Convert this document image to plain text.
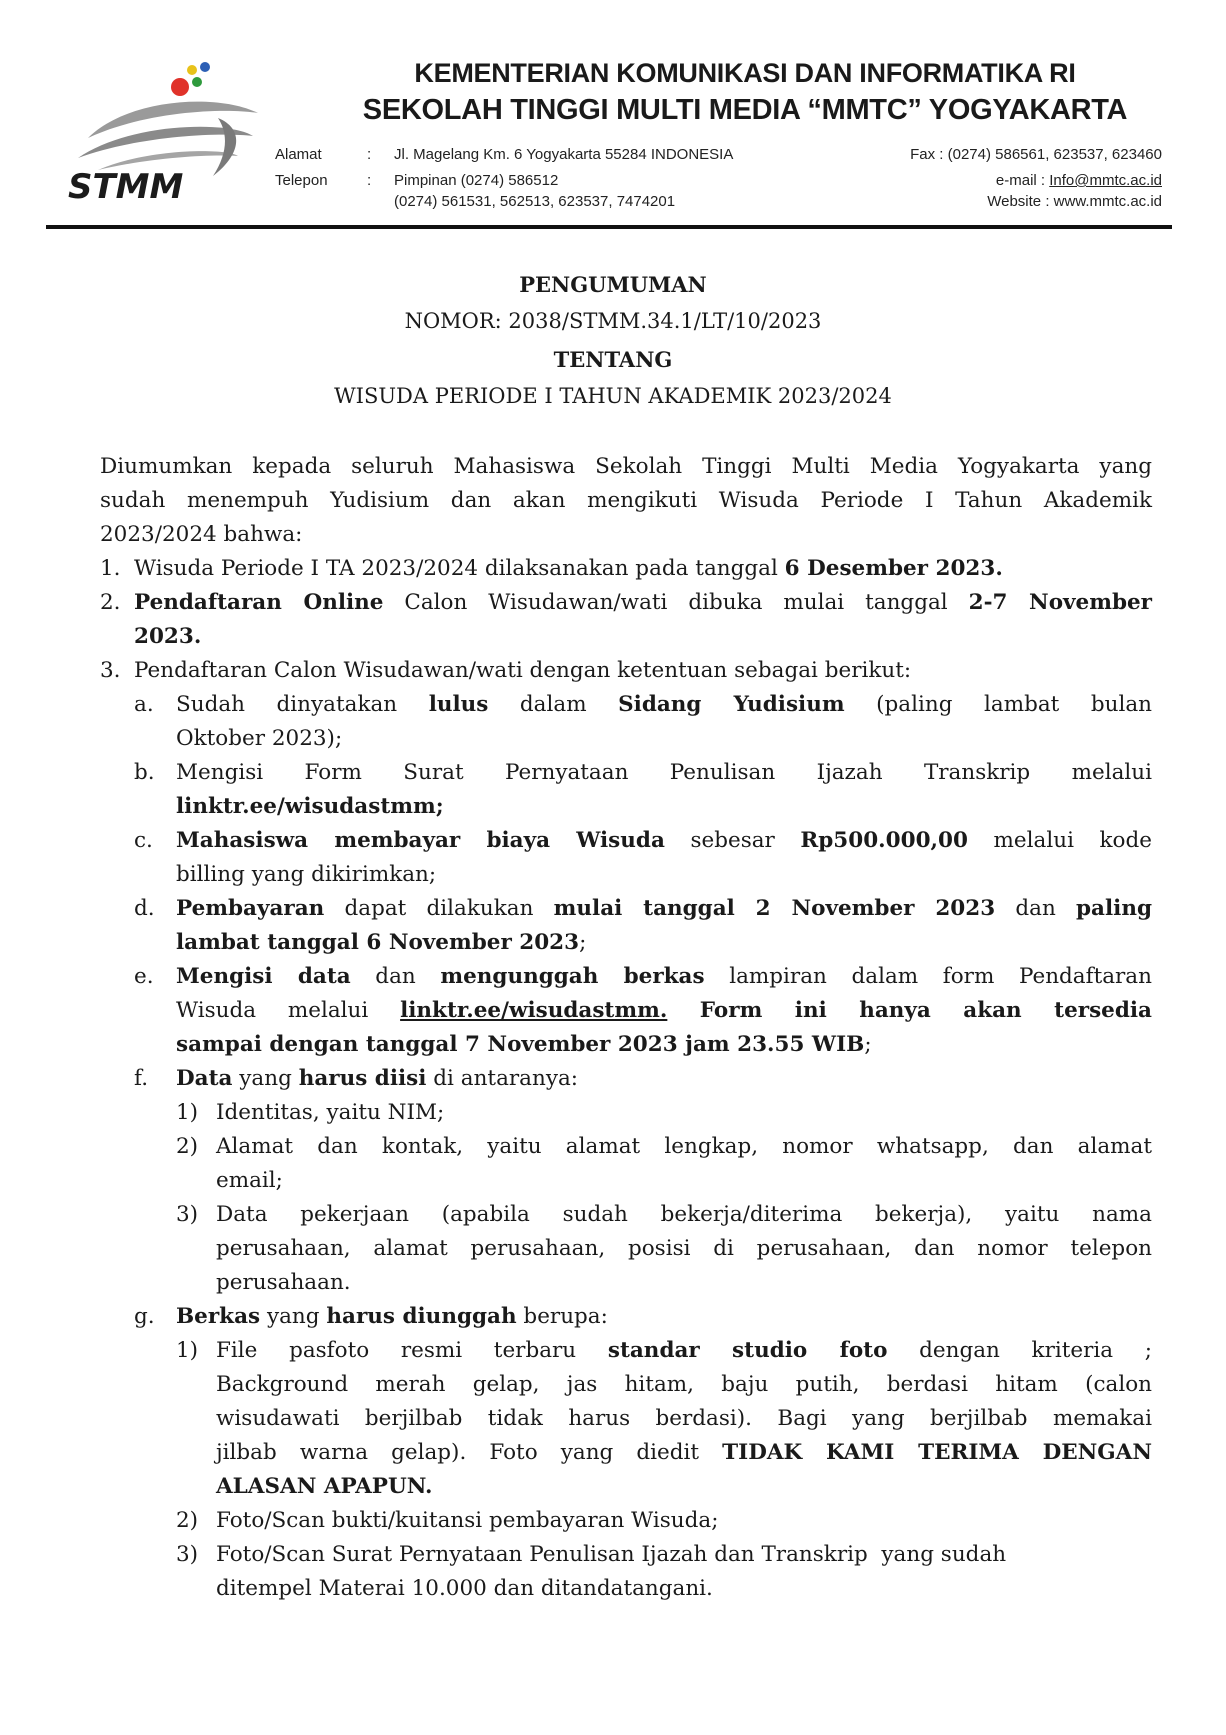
STMM
KEMENTERIAN KOMUNIKASI DAN INFORMATIKA RI
SEKOLAH TINGGI MULTI MEDIA “MMTC” YOGYAKARTA
Alamat	: Jl. Magelang Km. 6 Yogyakarta 55284 INDONESIA	Fax : (0274) 586561, 623537, 623460
Telepon	: Pimpinan (0274) 586512	e-mail : Info@mmtc.ac.id
(0274) 561531, 562513, 623537, 7474201	Website : www.mmtc.ac.id
PENGUMUMAN
NOMOR: 2038/STMM.34.1/LT/10/2023
TENTANG
WISUDA PERIODE I TAHUN AKADEMIK 2023/2024
Diumumkan kepada seluruh Mahasiswa Sekolah Tinggi Multi Media Yogyakarta yang
sudah menempuh Yudisium dan akan mengikuti Wisuda Periode I Tahun Akademik
2023/2024 bahwa:
1. Wisuda Periode I TA 2023/2024 dilaksanakan pada tanggal 6 Desember 2023.
2. Pendaftaran Online Calon Wisudawan/wati dibuka mulai tanggal 2-7 November
2023.
3. Pendaftaran Calon Wisudawan/wati dengan ketentuan sebagai berikut:
a. Sudah dinyatakan lulus dalam Sidang Yudisium (paling lambat bulan
Oktober 2023);
b. Mengisi Form Surat Pernyataan Penulisan Ijazah Transkrip melalui
linktr.ee/wisudastmm;
c. Mahasiswa membayar biaya Wisuda sebesar Rp500.000,00 melalui kode
billing yang dikirimkan;
d. Pembayaran dapat dilakukan mulai tanggal 2 November 2023 dan paling
lambat tanggal 6 November 2023;
e. Mengisi data dan mengunggah berkas lampiran dalam form Pendaftaran
Wisuda melalui linktr.ee/wisudastmm. Form ini hanya akan tersedia
sampai dengan tanggal 7 November 2023 jam 23.55 WIB;
f. Data yang harus diisi di antaranya:
1) Identitas, yaitu NIM;
2) Alamat dan kontak, yaitu alamat lengkap, nomor whatsapp, dan alamat
email;
3) Data pekerjaan (apabila sudah bekerja/diterima bekerja), yaitu nama
perusahaan, alamat perusahaan, posisi di perusahaan, dan nomor telepon
perusahaan.
g. Berkas yang harus diunggah berupa:
1) File pasfoto resmi terbaru standar studio foto dengan kriteria ;
Background merah gelap, jas hitam, baju putih, berdasi hitam (calon
wisudawati berjilbab tidak harus berdasi). Bagi yang berjilbab memakai
jilbab warna gelap). Foto yang diedit TIDAK KAMI TERIMA DENGAN
ALASAN APAPUN.
2) Foto/Scan bukti/kuitansi pembayaran Wisuda;
3) Foto/Scan Surat Pernyataan Penulisan Ijazah dan Transkrip  yang sudah
ditempel Materai 10.000 dan ditandatangani.
